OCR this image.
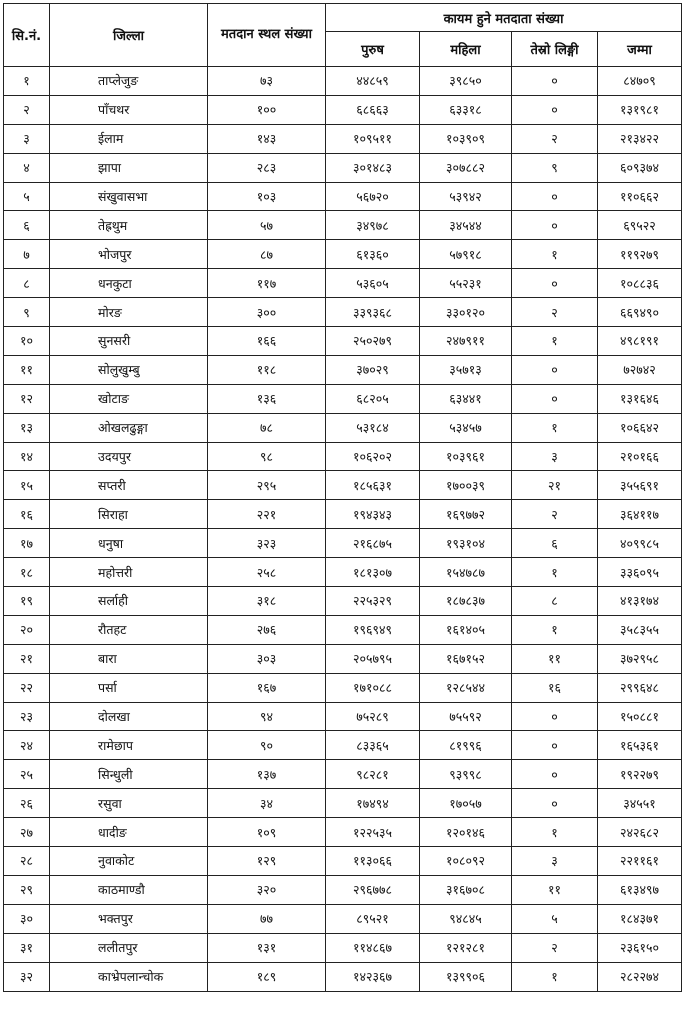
सि.नं.	जिल्ला	मतदान स्थल संख्या	कायम हुने मतदाता संख्या			
			पुरुष	महिला	तेस्रो लिङ्गी	जम्मा
१	ताप्लेजुङ	७३	४४८५९	३९८५०	०	८४७०९
२	पाँचथर	१००	६८६६३	६३३१८	०	१३१९८१
३	ईलाम	१४३	१०९५११	१०३९०९	२	२१३४२२
४	झापा	२८३	३०१४८३	३०७८८२	९	६०९३७४
५	संखुवासभा	१०३	५६७२०	५३९४२	०	११०६६२
६	तेह्रथुम	५७	३४९७८	३४५४४	०	६९५२२
७	भोजपुर	८७	६१३६०	५७९१८	१	११९२७९
८	धनकुटा	११७	५३६०५	५५२३१	०	१०८८३६
९	मोरङ	३००	३३९३६८	३३०१२०	२	६६९४९०
१०	सुनसरी	१६६	२५०२७९	२४७९११	१	४९८१९१
११	सोलुखुम्बु	११८	३७०२९	३५७१३	०	७२७४२
१२	खोटाङ	१३६	६८२०५	६३४४१	०	१३१६४६
१३	ओखलढुङ्गा	७८	५३१८४	५३४५७	१	१०६६४२
१४	उदयपुर	९८	१०६२०२	१०३९६१	३	२१०१६६
१५	सप्तरी	२९५	१८५६३१	१७००३९	२१	३५५६९१
१६	सिराहा	२२१	१९४३४३	१६९७७२	२	३६४११७
१७	धनुषा	३२३	२१६८७५	१९३१०४	६	४०९९८५
१८	महोत्तरी	२५८	१८१३०७	१५४७८७	१	३३६०९५
१९	सर्लाही	३१८	२२५३२९	१८७८३७	८	४१३१७४
२०	रौतहट	२७६	१९६९४९	१६१४०५	१	३५८३५५
२१	बारा	३०३	२०५७९५	१६७१५२	११	३७२९५८
२२	पर्सा	१६७	१७१०८८	१२८५४४	१६	२९९६४८
२३	दोलखा	९४	७५२८९	७५५९२	०	१५०८८१
२४	रामेछाप	९०	८३३६५	८१९९६	०	१६५३६१
२५	सिन्धुली	१३७	९८२८१	९३९९८	०	१९२२७९
२६	रसुवा	३४	१७४९४	१७०५७	०	३४५५१
२७	धादीङ	१०९	१२२५३५	१२०१४६	१	२४२६८२
२८	नुवाकोट	१२९	११३०६६	१०८०९२	३	२२११६१
२९	काठमाण्डौ	३२०	२९६७७८	३१६७०८	११	६१३४९७
३०	भक्तपुर	७७	८९५२१	९४८४५	५	१८४३७१
३१	ललीतपुर	१३१	११४८६७	१२१२८१	२	२३६१५०
३२	काभ्रेपलान्चोक	१८९	१४२३६७	१३९९०६	१	२८२२७४
